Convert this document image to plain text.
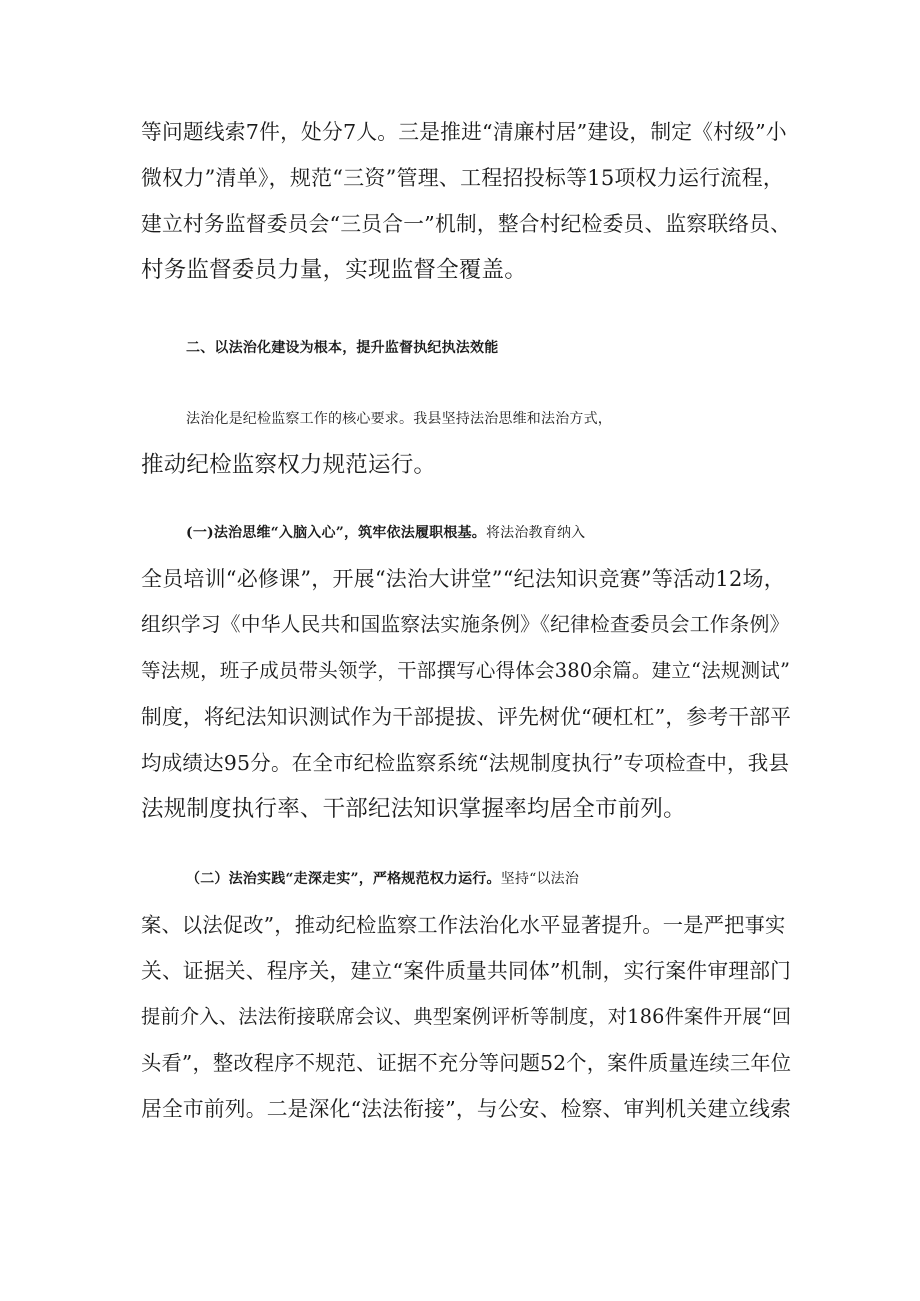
等问题线索7件，处分7人。三是推进“清廉村居”建设，制定《村级”小
微权力”清单》，规范“三资”管理、工程招投标等15项权力运行流程，
建立村务监督委员会“三员合一”机制，整合村纪检委员、监察联络员、
村务监督委员力量，实现监督全覆盖。
二、以法治化建设为根本，提升监督执纪执法效能
法治化是纪检监察工作的核心要求。我县坚持法治思维和法治方式，
推动纪检监察权力规范运行。
(一)法治思维“入脑入心”，筑牢依法履职根基。将法治教育纳入
全员培训“必修课”，开展“法治大讲堂”“纪法知识竞赛”等活动12场，
组织学习《中华人民共和国监察法实施条例》《纪律检查委员会工作条例》
等法规，班子成员带头领学，干部撰写心得体会380余篇。建立“法规测试”
制度，将纪法知识测试作为干部提拔、评先树优“硬杠杠”，参考干部平
均成绩达95分。在全市纪检监察系统“法规制度执行”专项检查中，我县
法规制度执行率、干部纪法知识掌握率均居全市前列。
（二）法治实践“走深走实”，严格规范权力运行。坚持“以法治
案、以法促改”，推动纪检监察工作法治化水平显著提升。一是严把事实
关、证据关、程序关，建立“案件质量共同体”机制，实行案件审理部门
提前介入、法法衔接联席会议、典型案例评析等制度，对186件案件开展“回
头看”，整改程序不规范、证据不充分等问题52个，案件质量连续三年位
居全市前列。二是深化“法法衔接”，与公安、检察、审判机关建立线索
